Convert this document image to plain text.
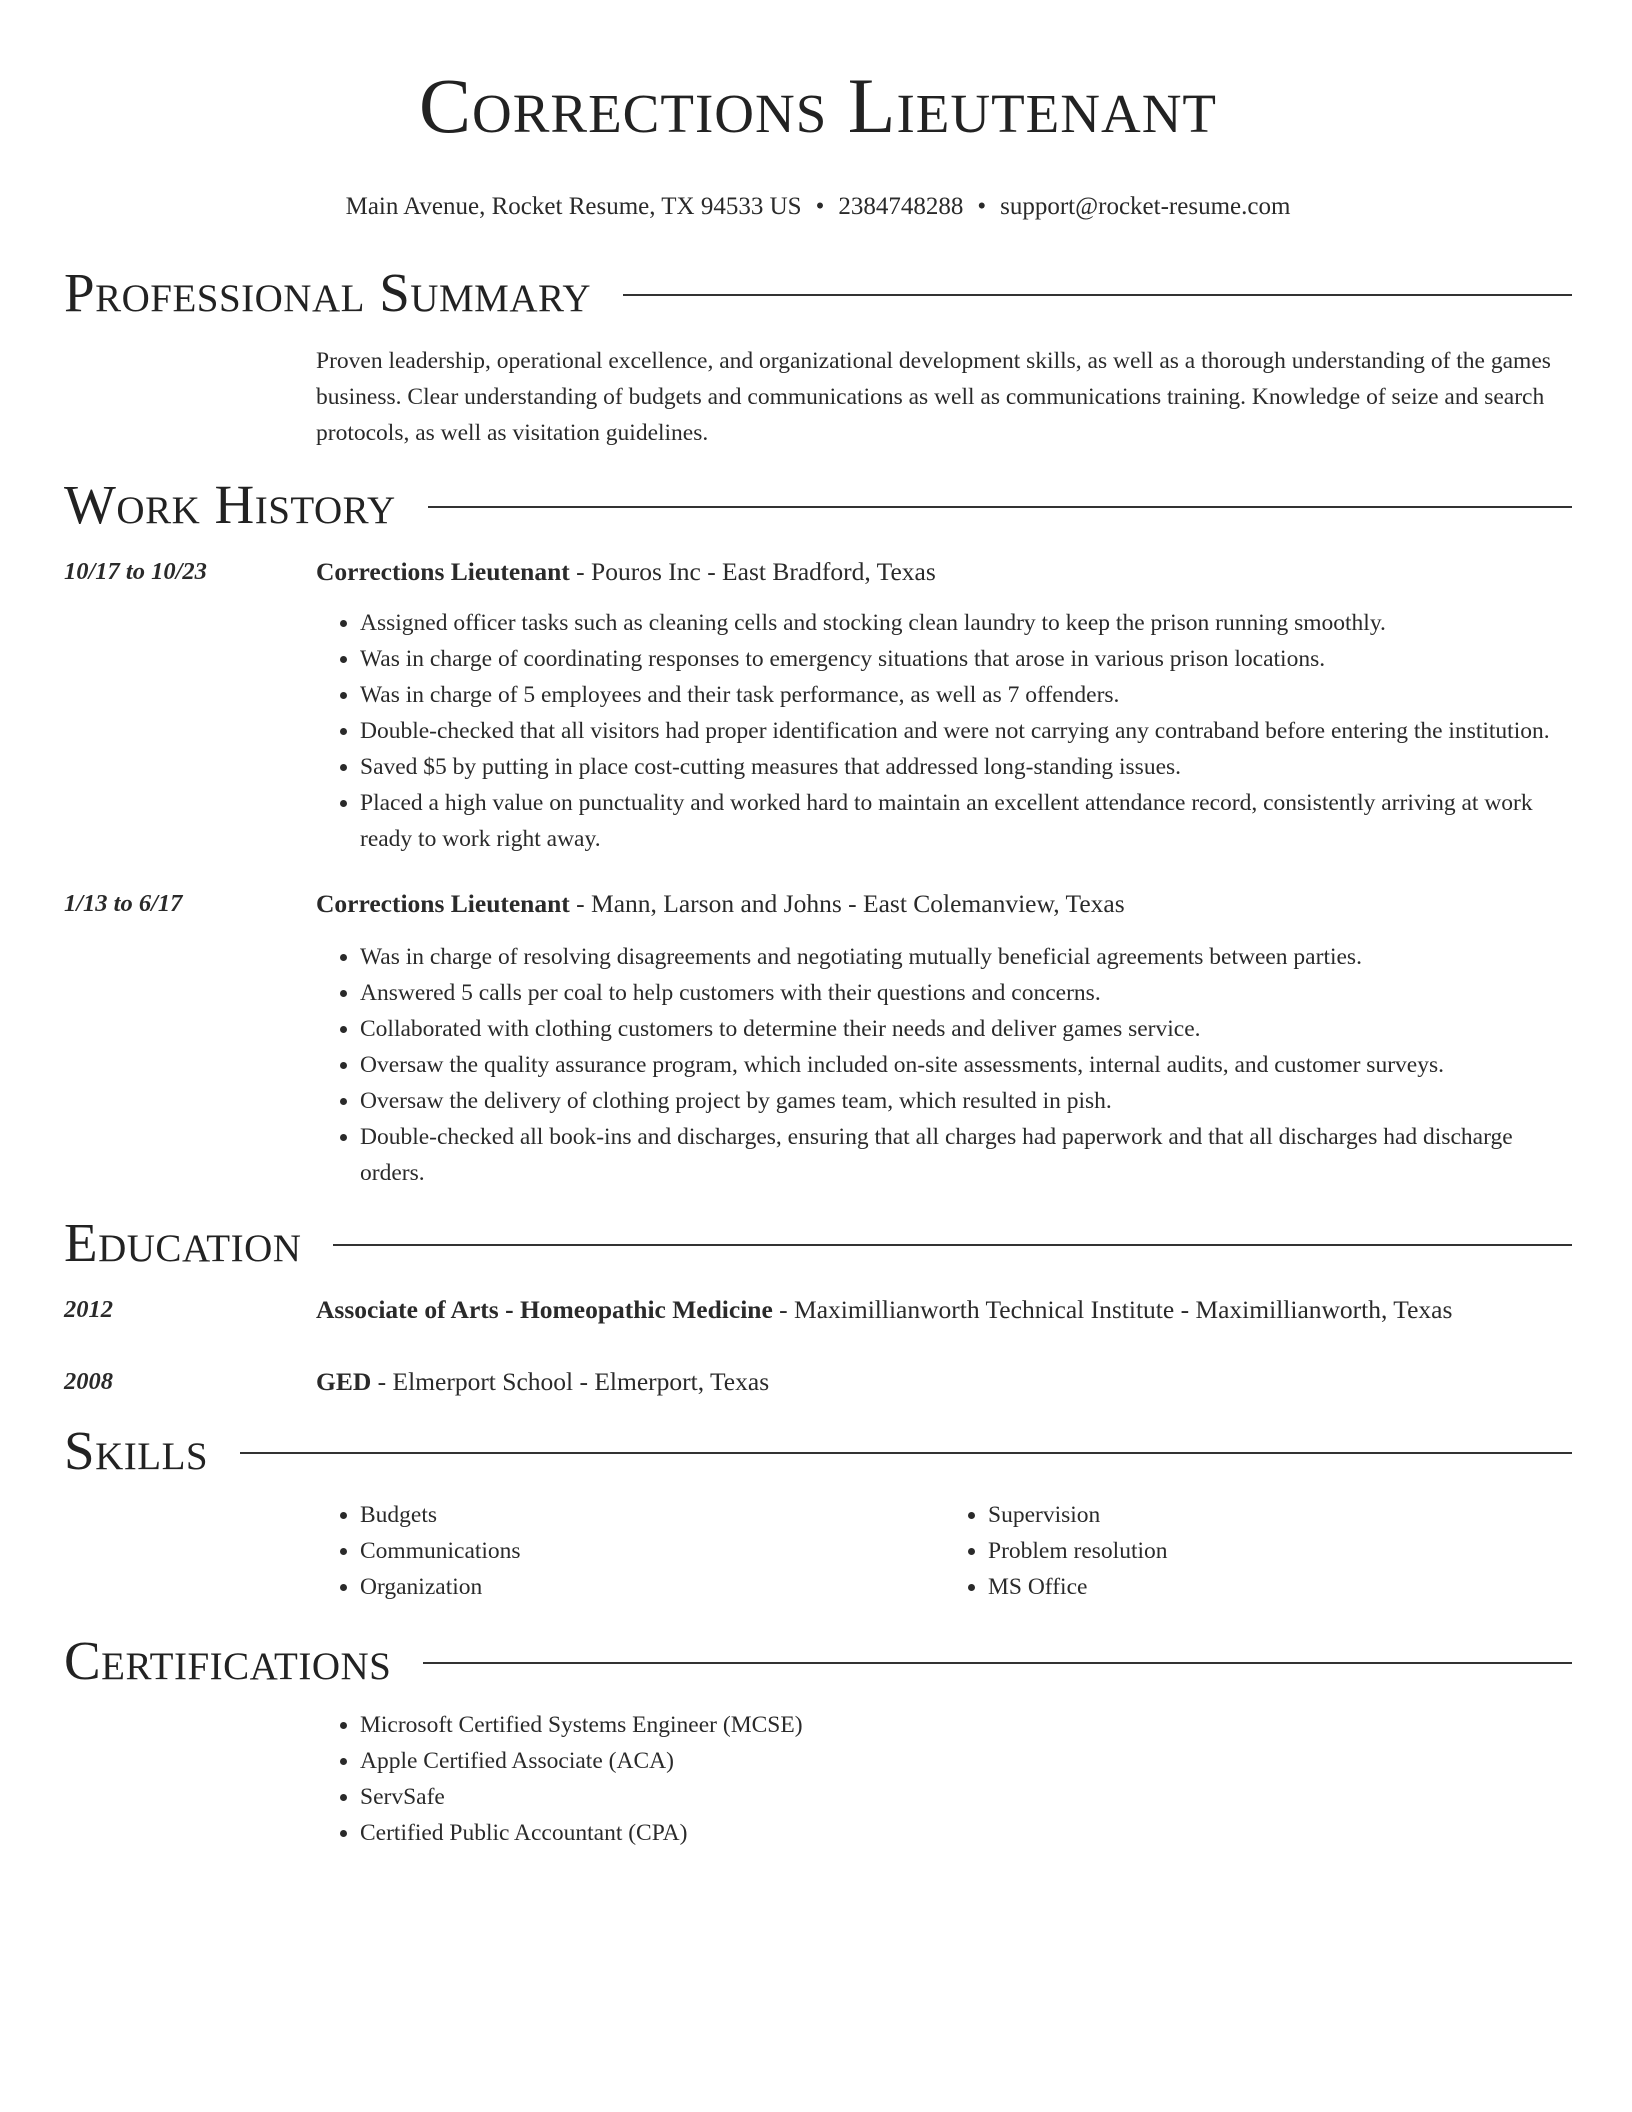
Corrections Lieutenant
Main Avenue, Rocket Resume, TX 94533 US • 2384748288 • support@rocket-resume.com
Professional Summary
Proven leadership, operational excellence, and organizational development skills, as well as a thorough understanding of the games business. Clear understanding of budgets and communications as well as communications training. Knowledge of seize and search protocols, as well as visitation guidelines.
Work History
10/17 to 10/23	Corrections Lieutenant - Pouros Inc - East Bradford, Texas
• Assigned officer tasks such as cleaning cells and stocking clean laundry to keep the prison running smoothly.
• Was in charge of coordinating responses to emergency situations that arose in various prison locations.
• Was in charge of 5 employees and their task performance, as well as 7 offenders.
• Double-checked that all visitors had proper identification and were not carrying any contraband before entering the institution.
• Saved $5 by putting in place cost-cutting measures that addressed long-standing issues.
• Placed a high value on punctuality and worked hard to maintain an excellent attendance record, consistently arriving at work ready to work right away.
1/13 to 6/17	Corrections Lieutenant - Mann, Larson and Johns - East Colemanview, Texas
• Was in charge of resolving disagreements and negotiating mutually beneficial agreements between parties.
• Answered 5 calls per coal to help customers with their questions and concerns.
• Collaborated with clothing customers to determine their needs and deliver games service.
• Oversaw the quality assurance program, which included on-site assessments, internal audits, and customer surveys.
• Oversaw the delivery of clothing project by games team, which resulted in pish.
• Double-checked all book-ins and discharges, ensuring that all charges had paperwork and that all discharges had discharge orders.
Education
2012	Associate of Arts - Homeopathic Medicine - Maximillianworth Technical Institute - Maximillianworth, Texas
2008	GED - Elmerport School - Elmerport, Texas
Skills
• Budgets
• Communications
• Organization
• Supervision
• Problem resolution
• MS Office
Certifications
• Microsoft Certified Systems Engineer (MCSE)
• Apple Certified Associate (ACA)
• ServSafe
• Certified Public Accountant (CPA)
